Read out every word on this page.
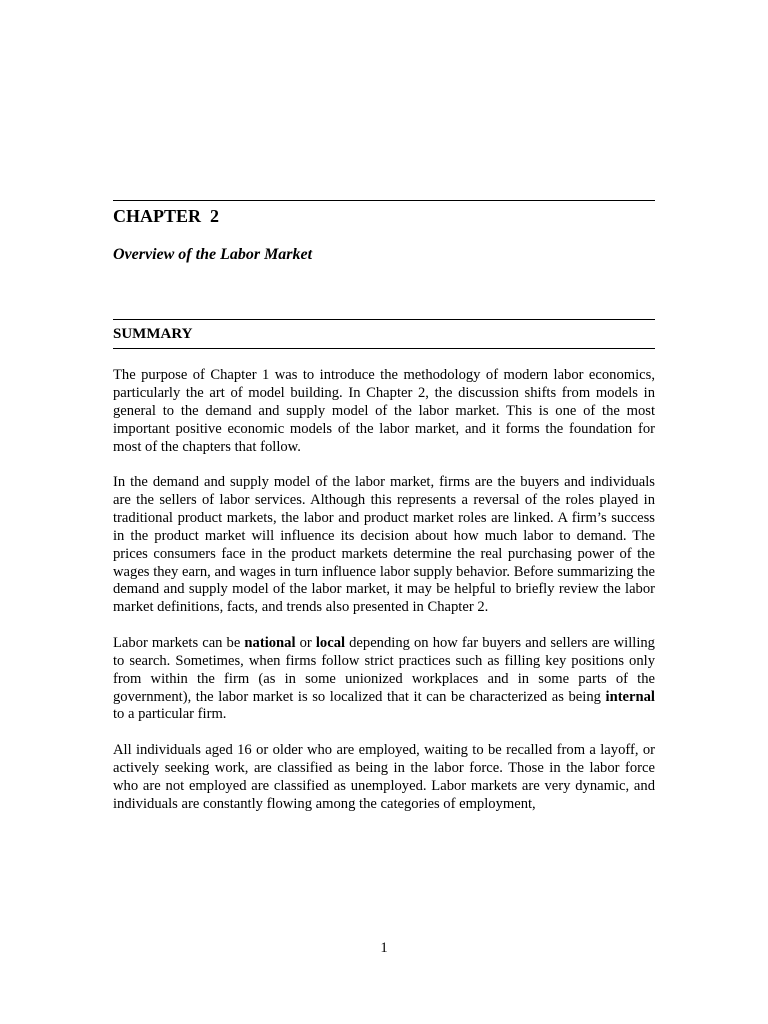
CHAPTER  2
Overview of the Labor Market
SUMMARY

The purpose of Chapter 1 was to introduce the methodology of modern labor economics, particularly the art of model building. In Chapter 2, the discussion shifts from models in general to the demand and supply model of the labor market. This is one of the most important positive economic models of the labor market, and it forms the foundation for most of the chapters that follow.

In the demand and supply model of the labor market, firms are the buyers and individuals are the sellers of labor services. Although this represents a reversal of the roles played in traditional product markets, the labor and product market roles are linked. A firm’s success in the product market will influence its decision about how much labor to demand. The prices consumers face in the product markets determine the real purchasing power of the wages they earn, and wages in turn influence labor supply behavior. Before summarizing the demand and supply model of the labor market, it may be helpful to briefly review the labor market definitions, facts, and trends also presented in Chapter 2.

Labor markets can be national or local depending on how far buyers and sellers are willing to search. Sometimes, when firms follow strict practices such as filling key positions only from within the firm (as in some unionized workplaces and in some parts of the government), the labor market is so localized that it can be characterized as being internal to a particular firm.

All individuals aged 16 or older who are employed, waiting to be recalled from a layoff, or actively seeking work, are classified as being in the labor force. Those in the labor force who are not employed are classified as unemployed. Labor markets are very dynamic, and individuals are constantly flowing among the categories of employment,

1
